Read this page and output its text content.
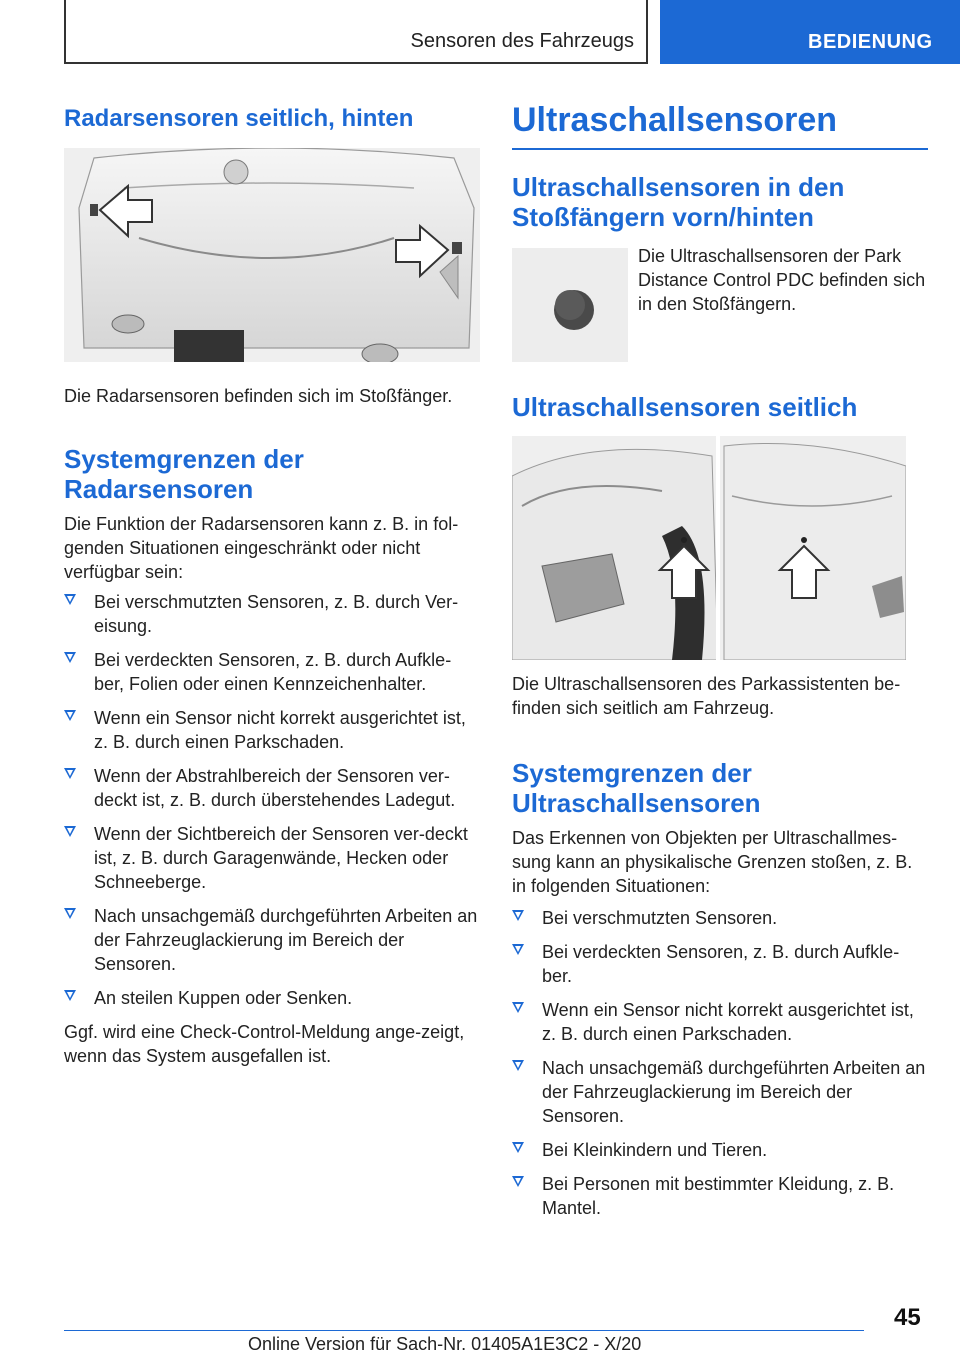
Sensoren des Fahrzeugs	BEDIENUNG
Radarsensoren seitlich, hinten

Die Radarsensoren befinden sich im Stoßfänger.

Systemgrenzen der Radarsensoren

Die Funktion der Radarsensoren kann z. B. in fol-genden Situationen eingeschränkt oder nicht verfügbar sein:

Bei verschmutzten Sensoren, z. B. durch Ver-eisung.
Bei verdeckten Sensoren, z. B. durch Aufkle-ber, Folien oder einen Kennzeichenhalter.
Wenn ein Sensor nicht korrekt ausgerichtet ist, z. B. durch einen Parkschaden.
Wenn der Abstrahlbereich der Sensoren ver-deckt ist, z. B. durch überstehendes Ladegut.
Wenn der Sichtbereich der Sensoren ver-deckt ist, z. B. durch Garagenwände, Hecken oder Schneeberge.
Nach unsachgemäß durchgeführten Arbeiten an der Fahrzeuglackierung im Bereich der Sensoren.
An steilen Kuppen oder Senken.

Ggf. wird eine Check-Control-Meldung ange-zeigt, wenn das System ausgefallen ist.

Ultraschallsensoren
Ultraschallsensoren in den Stoßfängern vorn/hinten

Die Ultraschallsensoren der Park Distance Control PDC befinden sich in den Stoßfängern.

Ultraschallsensoren seitlich

Die Ultraschallsensoren des Parkassistenten be-finden sich seitlich am Fahrzeug.

Systemgrenzen der Ultraschallsensoren

Das Erkennen von Objekten per Ultraschallmes-sung kann an physikalische Grenzen stoßen, z. B. in folgenden Situationen:

Bei verschmutzten Sensoren.
Bei verdeckten Sensoren, z. B. durch Aufkle-ber.
Wenn ein Sensor nicht korrekt ausgerichtet ist, z. B. durch einen Parkschaden.
Nach unsachgemäß durchgeführten Arbeiten an der Fahrzeuglackierung im Bereich der Sensoren.
Bei Kleinkindern und Tieren.
Bei Personen mit bestimmter Kleidung, z. B. Mantel.
45
Online Version für Sach-Nr. 01405A1E3C2 - X/20
